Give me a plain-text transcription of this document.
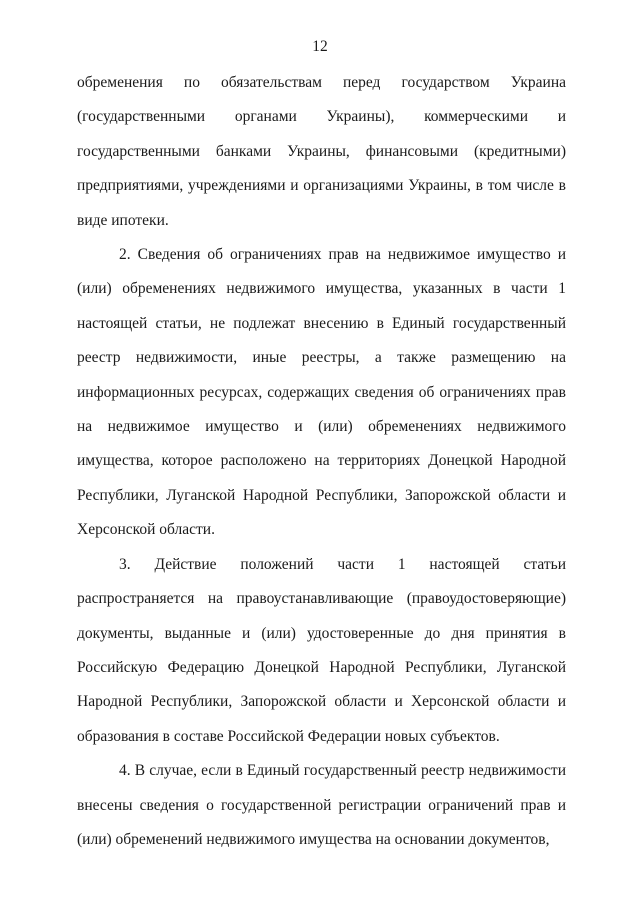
12

обременения по обязательствам перед государством Украина (государственными органами Украины), коммерческими и государственными банками Украины, финансовыми (кредитными) предприятиями, учреждениями и организациями Украины, в том числе в виде ипотеки.

2. Сведения об ограничениях прав на недвижимое имущество и (или) обременениях недвижимого имущества, указанных в части 1 настоящей статьи, не подлежат внесению в Единый государственный реестр недвижимости, иные реестры, а также размещению на информационных ресурсах, содержащих сведения об ограничениях прав на недвижимое имущество и (или) обременениях недвижимого имущества, которое расположено на территориях Донецкой Народной Республики, Луганской Народной Республики, Запорожской области и Херсонской области.

3. Действие положений части 1 настоящей статьи распространяется на правоустанавливающие (правоудостоверяющие) документы, выданные и (или) удостоверенные до дня принятия в Российскую Федерацию Донецкой Народной Республики, Луганской Народной Республики, Запорожской области и Херсонской области и образования в составе Российской Федерации новых субъектов.

4. В случае, если в Единый государственный реестр недвижимости внесены сведения о государственной регистрации ограничений прав и (или) обременений недвижимого имущества на основании документов,
